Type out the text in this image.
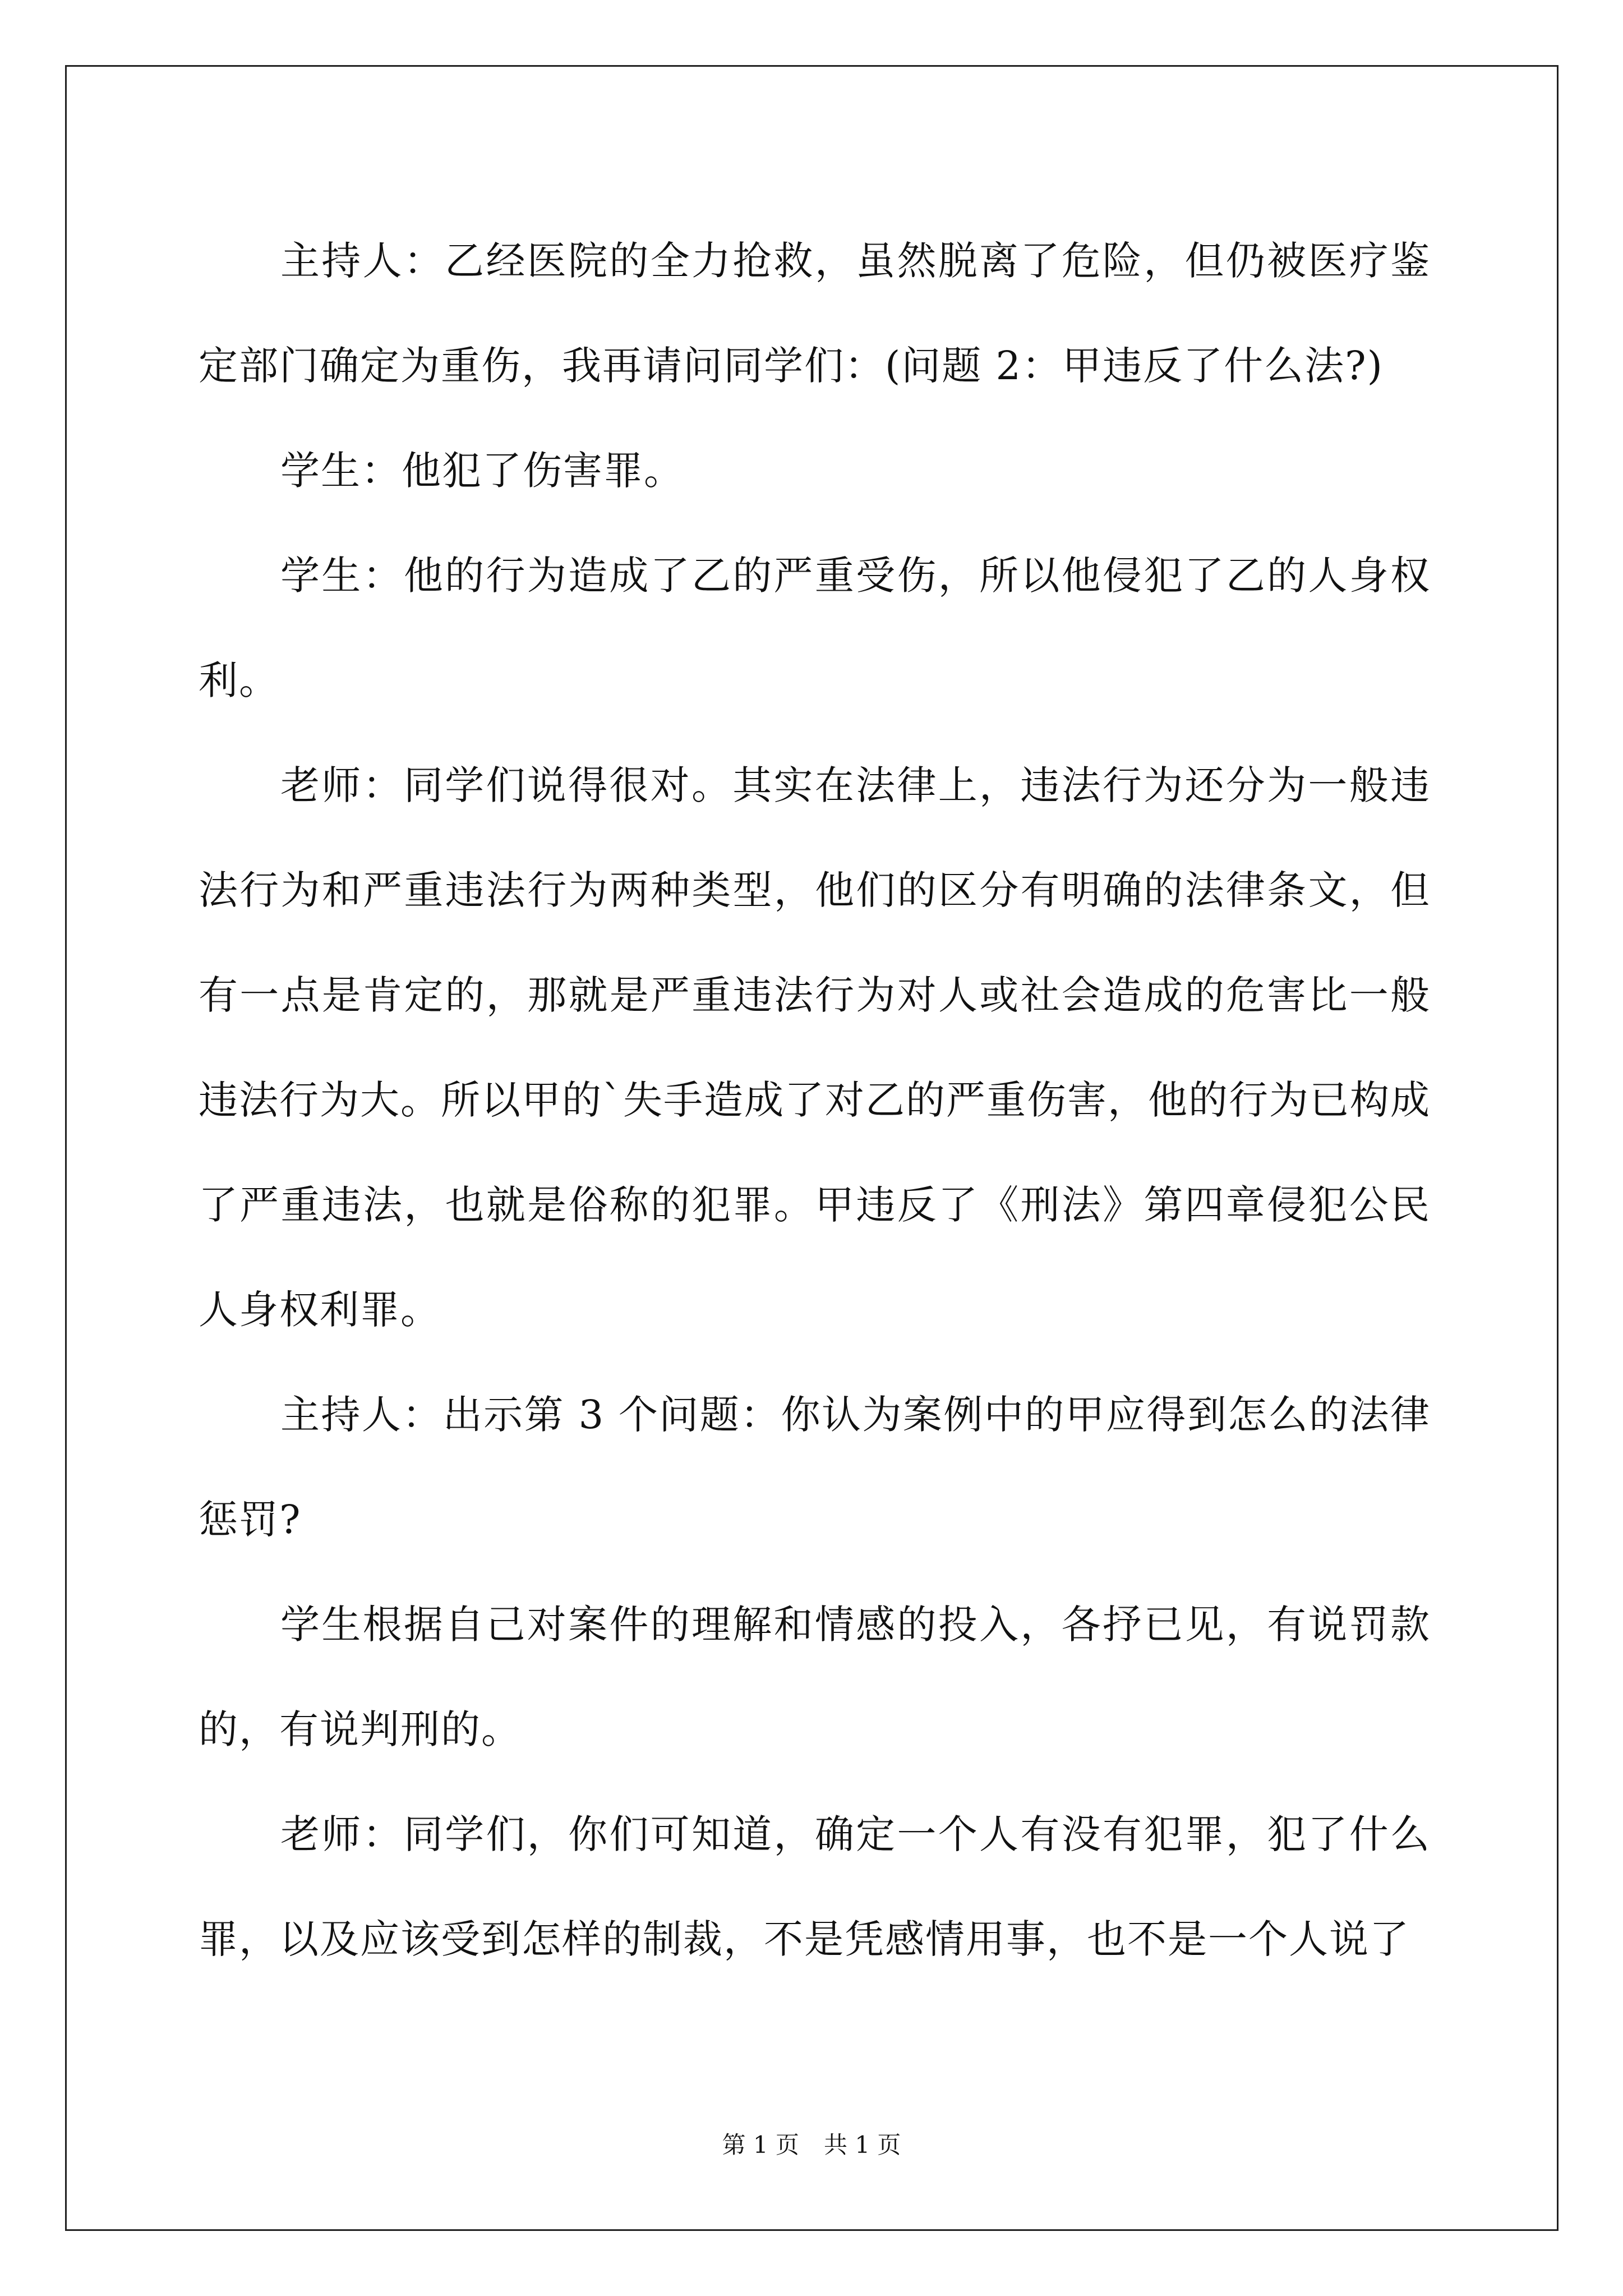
主持人：乙经医院的全力抢救，虽然脱离了危险，但仍被医疗鉴定部门确定为重伤，我再请问同学们：(问题 2：甲违反了什么法?)

学生：他犯了伤害罪。

学生：他的行为造成了乙的严重受伤，所以他侵犯了乙的人身权利。

老师：同学们说得很对。其实在法律上，违法行为还分为一般违法行为和严重违法行为两种类型，他们的区分有明确的法律条文，但有一点是肯定的，那就是严重违法行为对人或社会造成的危害比一般违法行为大。所以甲的`失手造成了对乙的严重伤害，他的行为已构成了严重违法，也就是俗称的犯罪。甲违反了《刑法》第四章侵犯公民人身权利罪。

主持人：出示第 3 个问题：你认为案例中的甲应得到怎么的法律惩罚?

学生根据自己对案件的理解和情感的投入，各抒已见，有说罚款的，有说判刑的。

老师：同学们，你们可知道，确定一个人有没有犯罪，犯了什么罪，以及应该受到怎样的制裁，不是凭感情用事，也不是一个人说了

第 1 页 共 1 页
